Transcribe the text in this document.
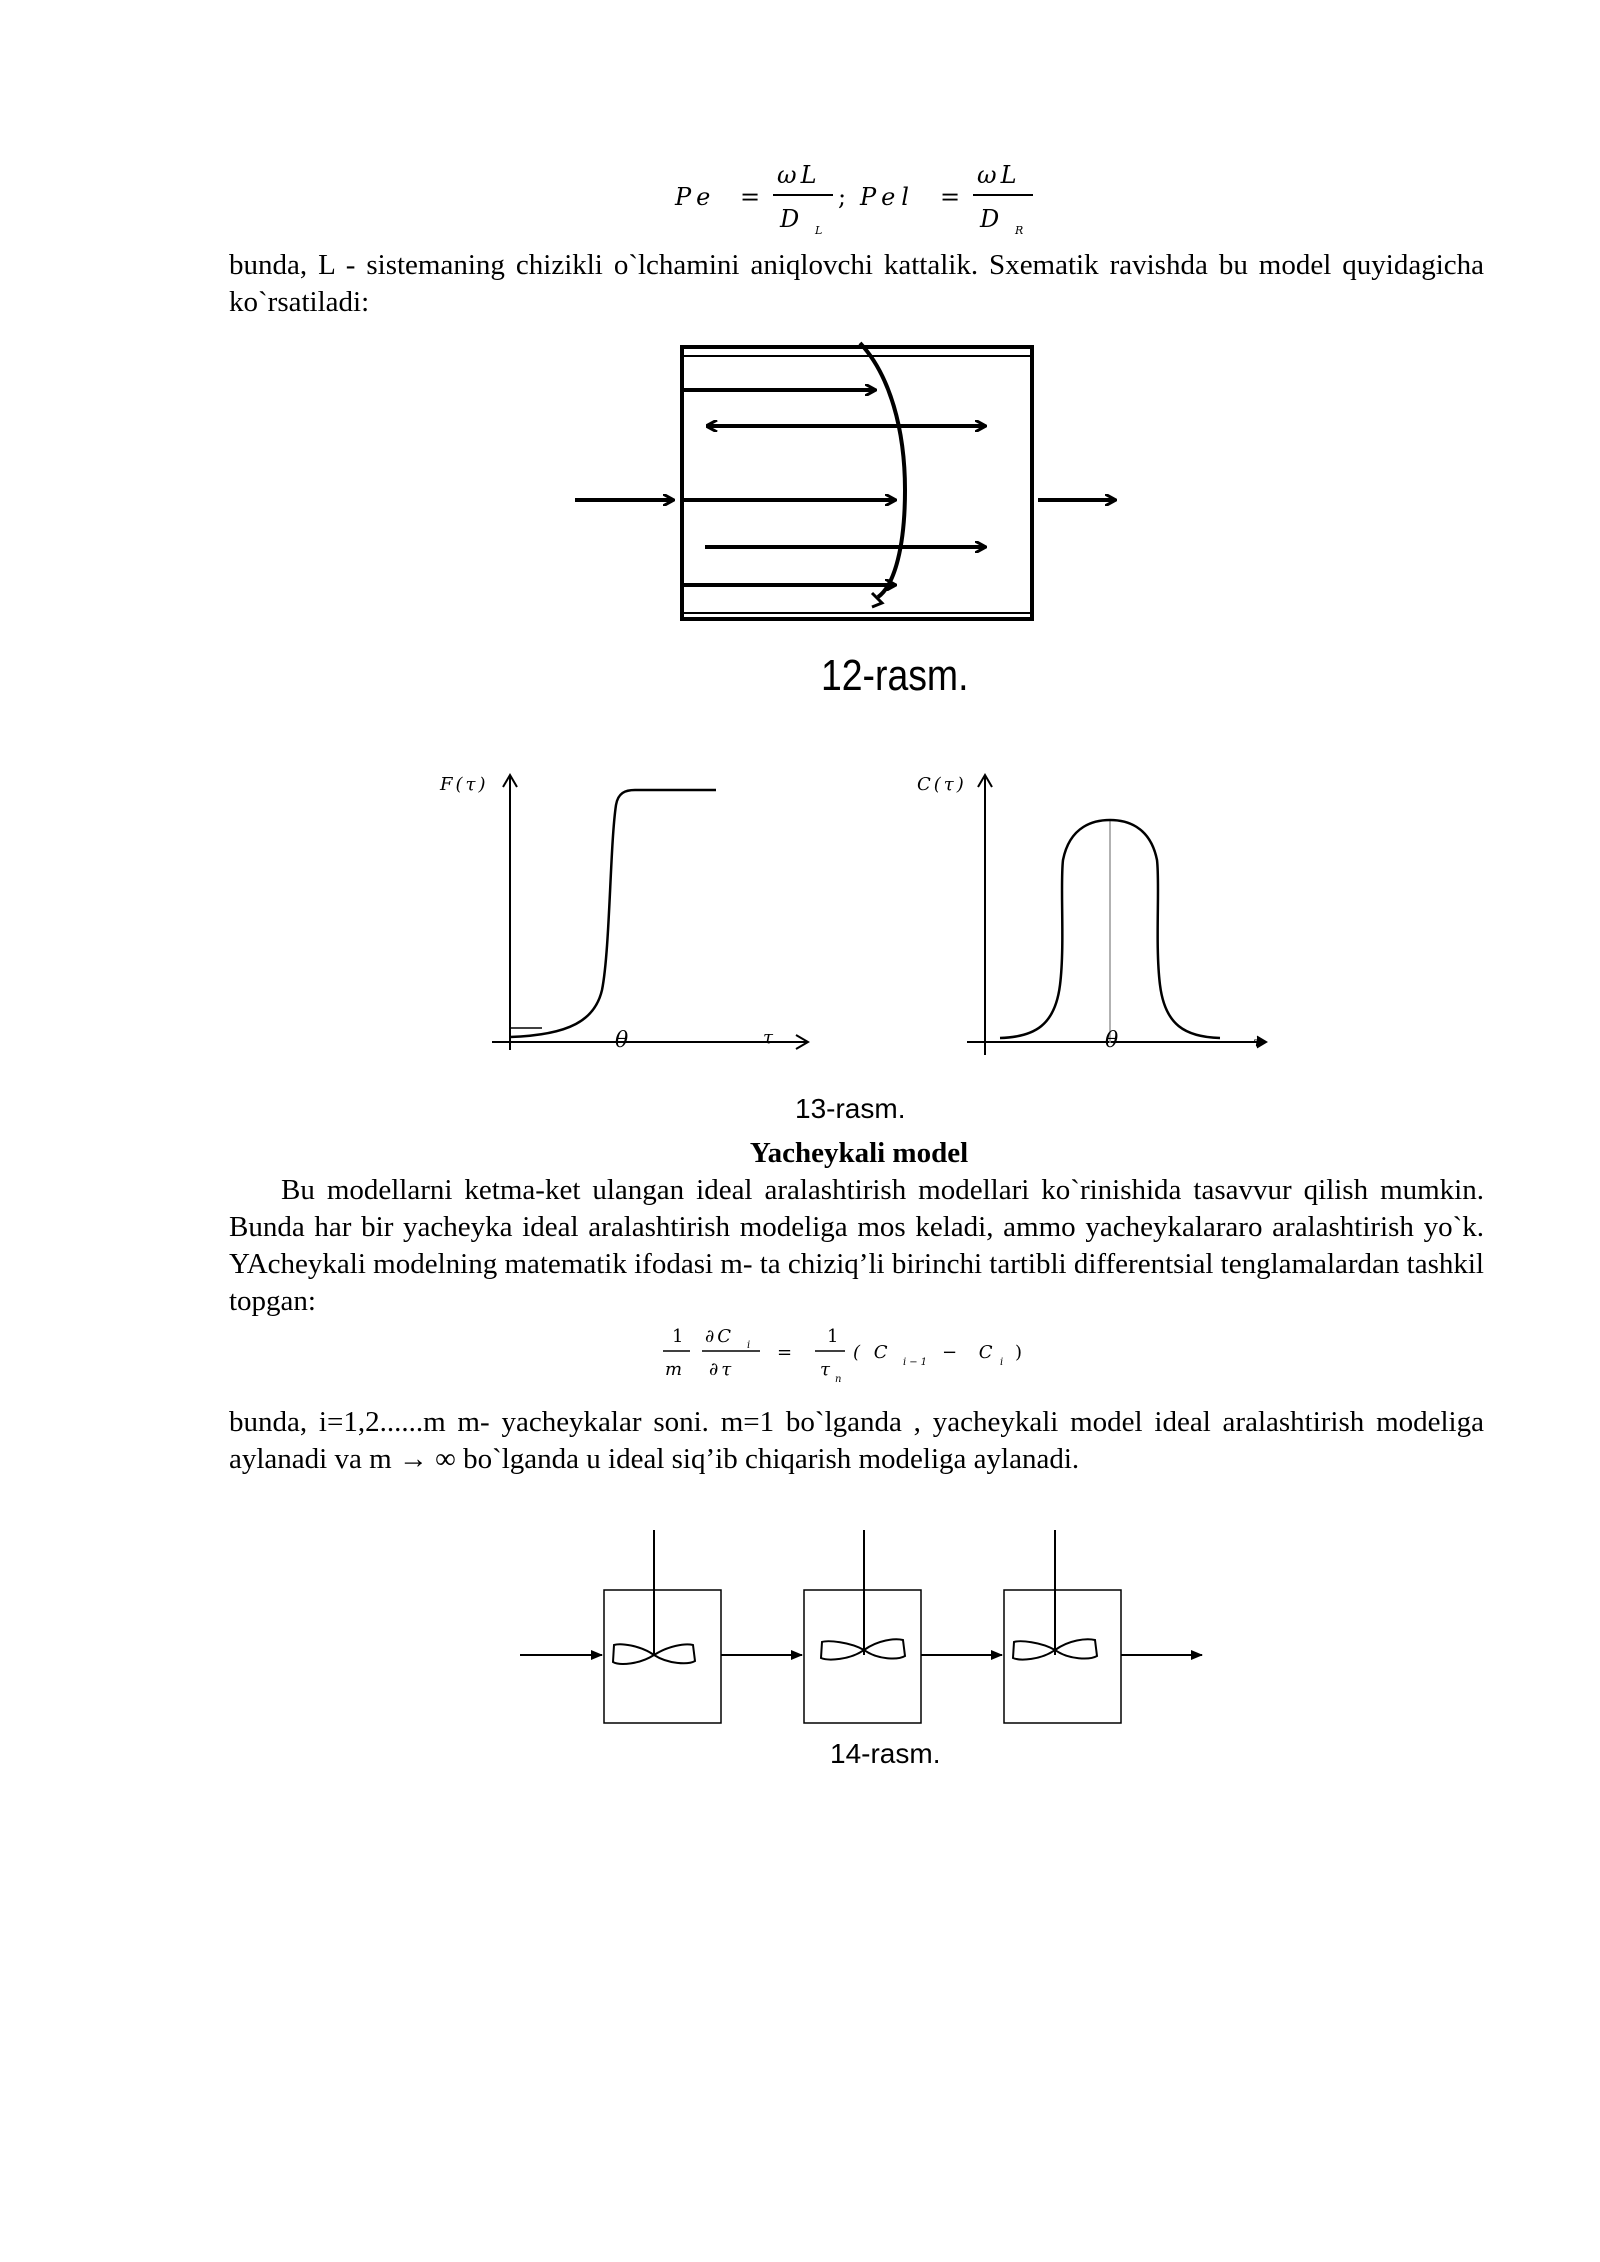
Pe =
ωL
D L
; Pel =
ωL
D R

bunda, L - sistemaning chizikli o`lchamini aniqlovchi kattalik. Sxematik ravishda bu model quyidagicha ko`rsatiladi:

12-rasm.
F(τ)
τ
θ
C(τ)
τ
θ
13-rasm.
Yacheykali model

Bu modellarni ketma-ket ulangan ideal aralashtirish modellari ko`rinishida tasavvur qilish mumkin. Bunda har bir yacheyka ideal aralashtirish modeliga mos keladi, ammo yacheykalararo aralashtirish yo`k. YAcheykali modelning matematik ifodasi m- ta chiziq’li birinchi tartibli differentsial tenglamalardan tashkil topgan:

1
m
∂C i
∂τ
=
1
τ n
( C i−1 − C i )

bunda, i=1,2......m m- yacheykalar soni. m=1 bo`lganda , yacheykali model ideal aralashtirish modeliga aylanadi va m → ∞ bo`lganda u ideal siq’ib chiqarish modeliga aylanadi.

14-rasm.
